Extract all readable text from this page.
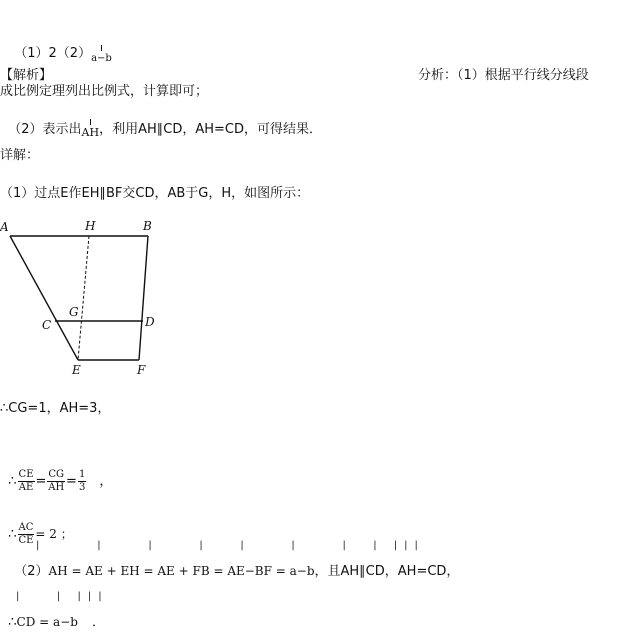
（1）2（2）a−b

【解析】	分析：（1）根据平行线分线段
成比例定理列出比例式，计算即可；

（2）表示出AH，利用AH∥CD，AH=CD，可得结果．

详解：
（1）过点E作EH∥BF交CD，AB于G，H，如图所示：
A	H	B
C
G
D
E	F
∴CG=1，AH=3，

∴ $\frac{CE}{AE} = \frac{CG}{AH} = \frac{1}{3}$ ，

∴ $\frac{AC}{CE} = 2$ ；

|     |    |    |   |    |    |  | |||

（2）AH = AE + EH = AE + FB = AE−BF = a−b，且AH∥CD，AH=CD，

|   | |||

∴CD = a−b ．
